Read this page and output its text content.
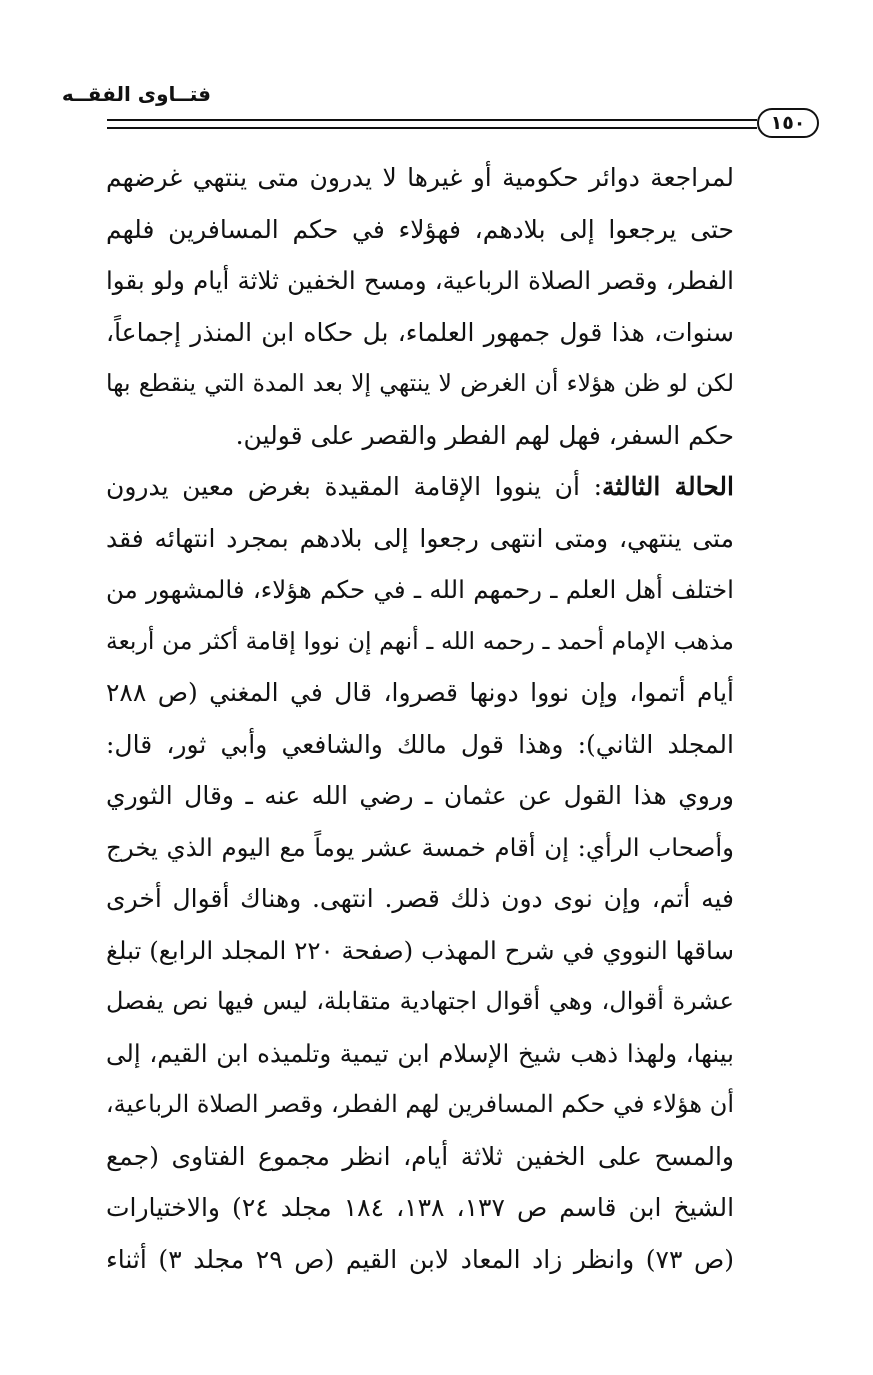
فتــاوى الفقــه
١٥٠
لمراجعة دوائر حكومية أو غيرها لا يدرون متى ينتهي غرضهم
حتى يرجعوا إلى بلادهم، فهؤلاء في حكم المسافرين فلهم
الفطر، وقصر الصلاة الرباعية، ومسح الخفين ثلاثة أيام ولو بقوا
سنوات، هذا قول جمهور العلماء، بل حكاه ابن المنذر إجماعاً،
لكن لو ظن هؤلاء أن الغرض لا ينتهي إلا بعد المدة التي ينقطع بها
حكم السفر، فهل لهم الفطر والقصر على قولين.
الحالة الثالثة: أن ينووا الإقامة المقيدة بغرض معين يدرون
متى ينتهي، ومتى انتهى رجعوا إلى بلادهم بمجرد انتهائه فقد
اختلف أهل العلم ـ رحمهم الله ـ في حكم هؤلاء، فالمشهور من
مذهب الإمام أحمد ـ رحمه الله ـ أنهم إن نووا إقامة أكثر من أربعة
أيام أتموا، وإن نووا دونها قصروا، قال في المغني (ص ٢٨٨
المجلد الثاني): وهذا قول مالك والشافعي وأبي ثور، قال:
وروي هذا القول عن عثمان ـ رضي الله عنه ـ وقال الثوري
وأصحاب الرأي: إن أقام خمسة عشر يوماً مع اليوم الذي يخرج
فيه أتم، وإن نوى دون ذلك قصر. انتهى. وهناك أقوال أخرى
ساقها النووي في شرح المهذب (صفحة ٢٢٠ المجلد الرابع) تبلغ
عشرة أقوال، وهي أقوال اجتهادية متقابلة، ليس فيها نص يفصل
بينها، ولهذا ذهب شيخ الإسلام ابن تيمية وتلميذه ابن القيم، إلى
أن هؤلاء في حكم المسافرين لهم الفطر، وقصر الصلاة الرباعية،
والمسح على الخفين ثلاثة أيام، انظر مجموع الفتاوى (جمع
الشيخ ابن قاسم ص ١٣٧، ١٣٨، ١٨٤ مجلد ٢٤) والاختيارات
(ص ٧٣) وانظر زاد المعاد لابن القيم (ص ٢٩ مجلد ٣) أثناء
